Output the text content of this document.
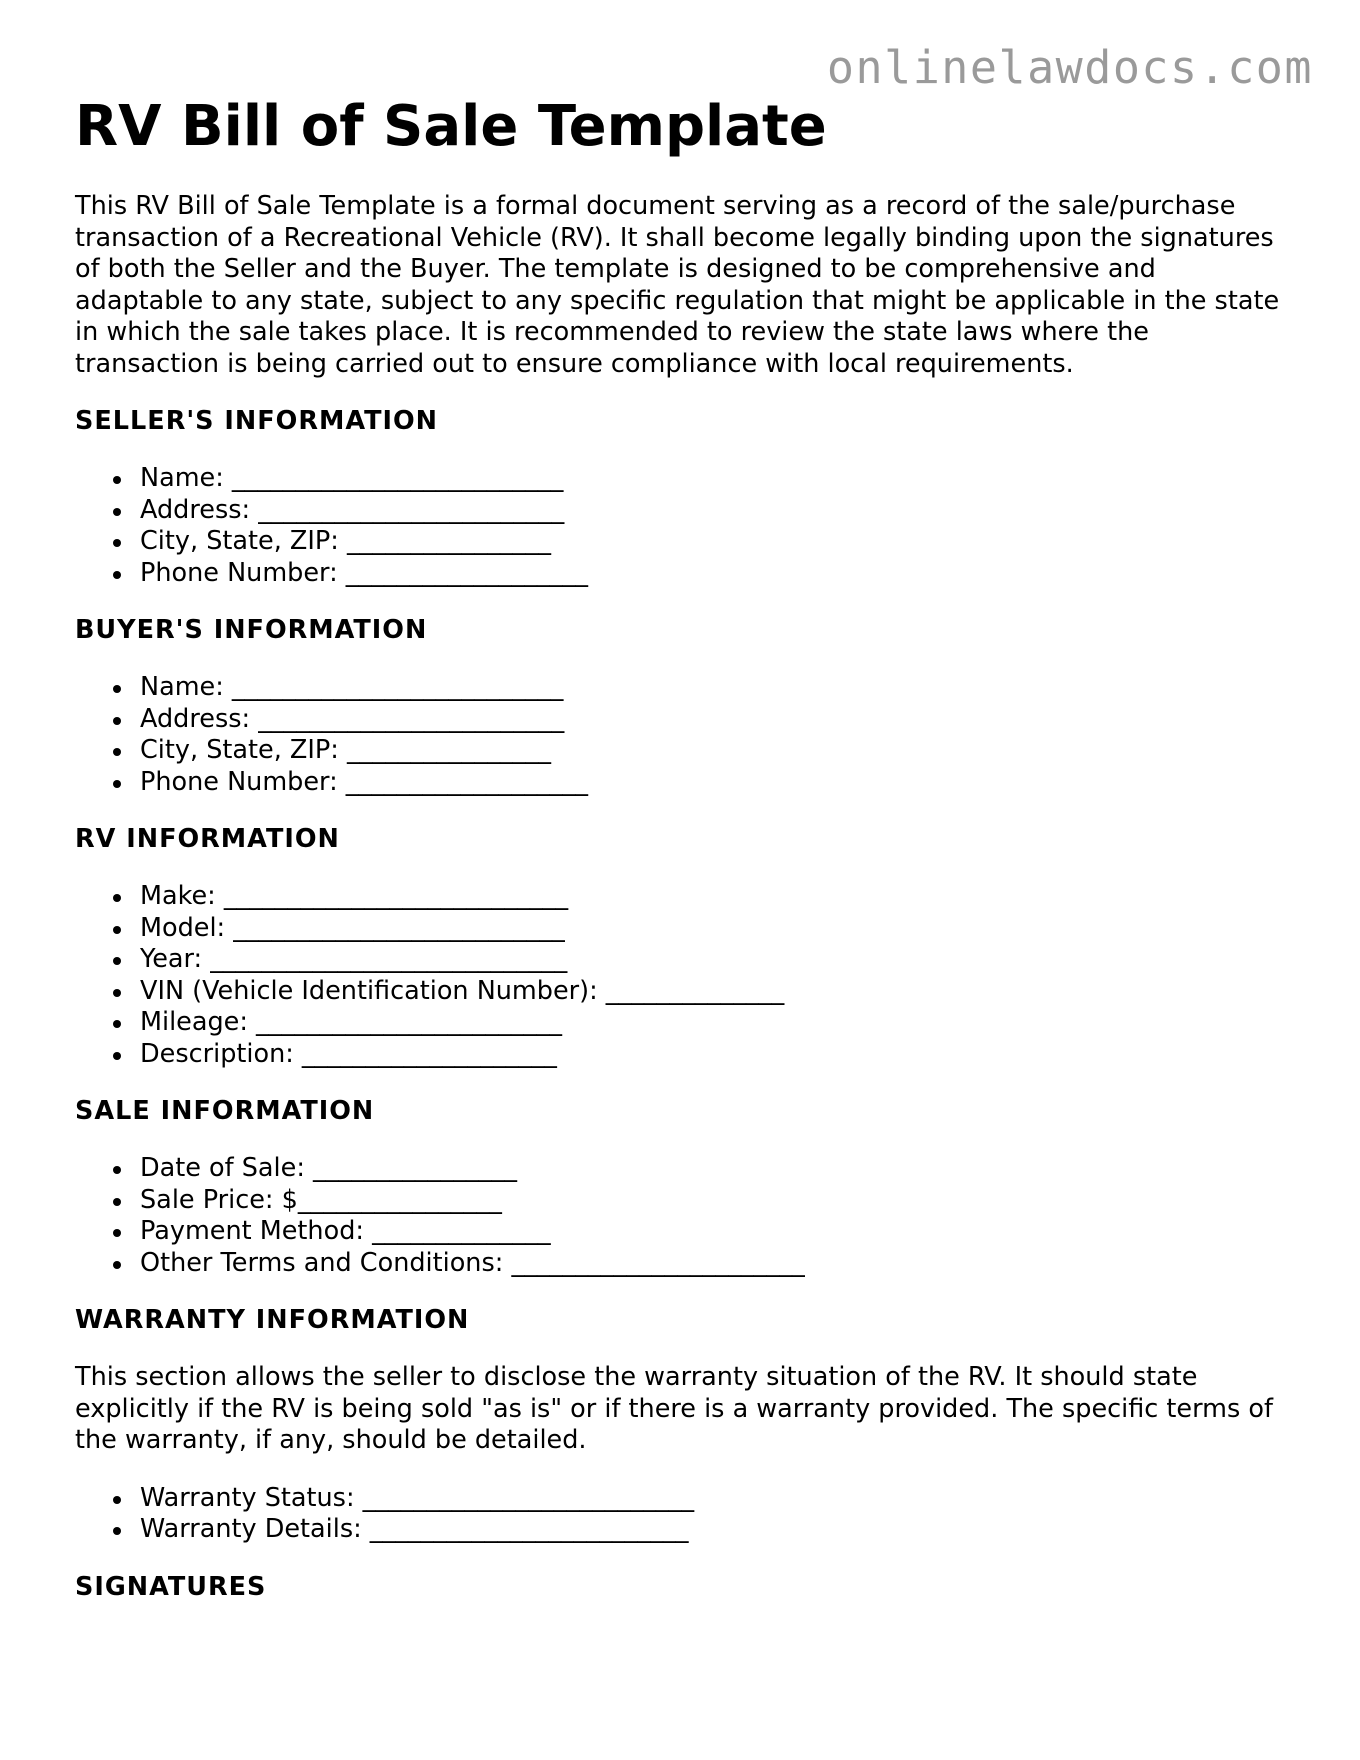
onlinelawdocs.com
RV Bill of Sale Template

This RV Bill of Sale Template is a formal document serving as a record of the sale/purchase transaction of a Recreational Vehicle (RV). It shall become legally binding upon the signatures of both the Seller and the Buyer. The template is designed to be comprehensive and adaptable to any state, subject to any specific regulation that might be applicable in the state in which the sale takes place. It is recommended to review the state laws where the transaction is being carried out to ensure compliance with local requirements.

SELLER'S INFORMATION
Name: __________________________
Address: ________________________
City, State, ZIP: ________________
Phone Number: ___________________
BUYER'S INFORMATION
Name: __________________________
Address: ________________________
City, State, ZIP: ________________
Phone Number: ___________________
RV INFORMATION
Make: ___________________________
Model: __________________________
Year: ____________________________
VIN (Vehicle Identification Number): ______________
Mileage: ________________________
Description: ____________________
SALE INFORMATION
Date of Sale: ________________
Sale Price: $________________
Payment Method: ______________
Other Terms and Conditions: _______________________
WARRANTY INFORMATION

This section allows the seller to disclose the warranty situation of the RV. It should state explicitly if the RV is being sold "as is" or if there is a warranty provided. The specific terms of the warranty, if any, should be detailed.

Warranty Status: __________________________
Warranty Details: _________________________
SIGNATURES
